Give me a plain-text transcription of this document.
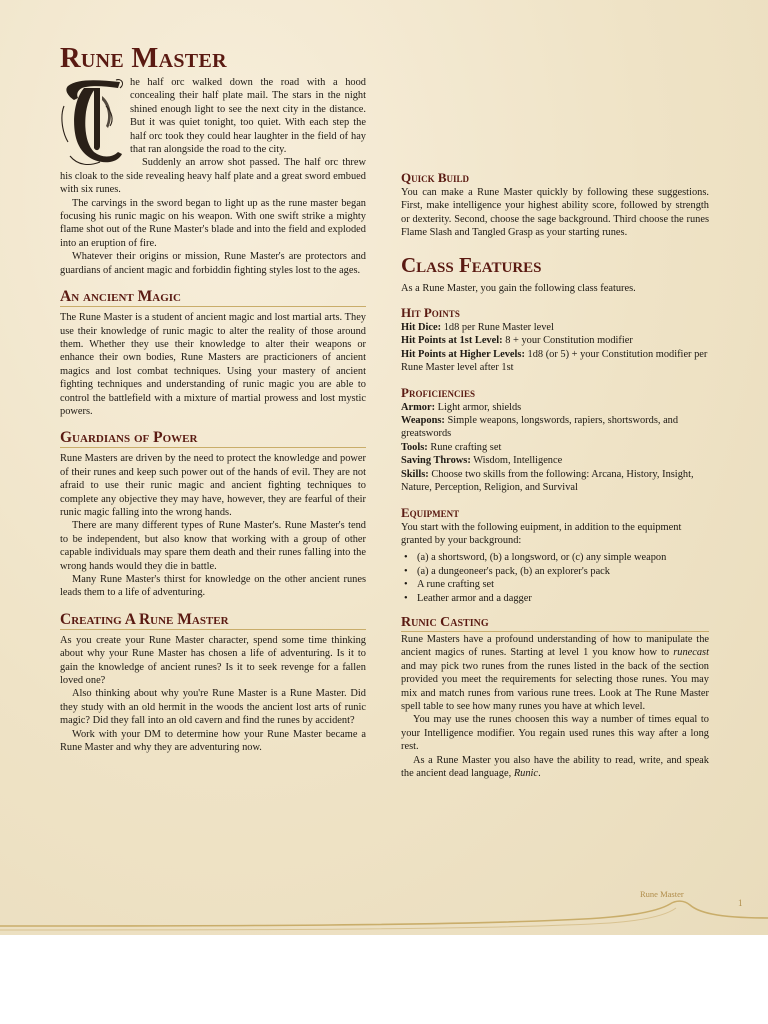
Rune Master

he half orc walked down the road with a hood concealing their half plate mail. The stars in the night shined enough light to see the next city in the distance. But it was quiet tonight, too quiet. With each step the half orc took they could hear laughter in the field of hay that ran alongside the road to the city.

Suddenly an arrow shot passed. The half orc threw his cloak to the side revealing heavy half plate and a great sword embued with six runes.

The carvings in the sword began to light up as the rune master began focusing his runic magic on his weapon. With one swift strike a mighty flame shot out of the Rune Master's blade and into the field and exploded into an eruption of fire.

Whatever their origins or mission, Rune Master's are protectors and guardians of ancient magic and forbiddin fighting styles lost to the ages.

An ancient Magic

The Rune Master is a student of ancient magic and lost martial arts. They use their knowledge of runic magic to alter the reality of those around them. Whether they use their knowledge to alter their weapons or enhance their own bodies, Rune Masters are practicioners of ancient magics and lost combat techniques. Using your mastery of ancient fighting techniques and understanding of runic magic you are able to control the battlefield with a mixture of martial prowess and lost mystic powers.

Guardians of Power

Rune Masters are driven by the need to protect the knowledge and power of their runes and keep such power out of the hands of evil. They are not afraid to use their runic magic and ancient fighting techniques to complete any objective they may have, however, they are fearful of their runic magic falling into the wrong hands.

There are many different types of Rune Master's. Rune Master's tend to be independent, but also know that working with a group of other capable individuals may spare them death and their runes falling into the wrong hands would they die in battle.

Many Rune Master's thirst for knowledge on the other ancient runes leads them to a life of adventuring.

Creating A Rune Master

As you create your Rune Master character, spend some time thinking about why your Rune Master has chosen a life of adventuring. Is it to gain the knowledge of ancient runes? Is it to seek revenge for a fallen loved one?

Also thinking about why you're Rune Master is a Rune Master. Did they study with an old hermit in the woods the ancient lost arts of runic magic? Did they fall into an old cavern and find the runes by accident?

Work with your DM to determine how your Rune Master became a Rune Master and why they are adventuring now.

Quick Build

You can make a Rune Master quickly by following these suggestions. First, make intelligence your highest ability score, followed by strength or dexterity. Second, choose the sage background. Third choose the runes Flame Slash and Tangled Grasp as your starting runes.

Class Features

As a Rune Master, you gain the following class features.

Hit Points

Hit Dice: 1d8 per Rune Master level

Hit Points at 1st Level: 8 + your Constitution modifier

Hit Points at Higher Levels: 1d8 (or 5) + your Constitution modifier per Rune Master level after 1st

Proficiencies

Armor: Light armor, shields

Weapons: Simple weapons, longswords, rapiers, shortswords, and greatswords

Tools: Rune crafting set

Saving Throws: Wisdom, Intelligence

Skills: Choose two skills from the following: Arcana, History, Insight, Nature, Perception, Religion, and Survival

Equipment

You start with the following euipment, in addition to the equipment granted by your background:

• (a) a shortsword, (b) a longsword, or (c) any simple weapon
• (a) a dungeoneer's pack, (b) an explorer's pack
• A rune crafting set
• Leather armor and a dagger
Runic Casting

Rune Masters have a profound understanding of how to manipulate the ancient magics of runes. Starting at level 1 you know how to runecast and may pick two runes from the runes listed in the back of the section provided you meet the requirements for selecting those runes. You may mix and match runes from various rune trees. Look at The Rune Master spell table to see how many runes you have at which level.

You may use the runes choosen this way a number of times equal to your Intelligence modifier. You regain used runes this way after a long rest.

As a Rune Master you also have the ability to read, write, and speak the ancient dead language, Runic.

Rune Master
1
